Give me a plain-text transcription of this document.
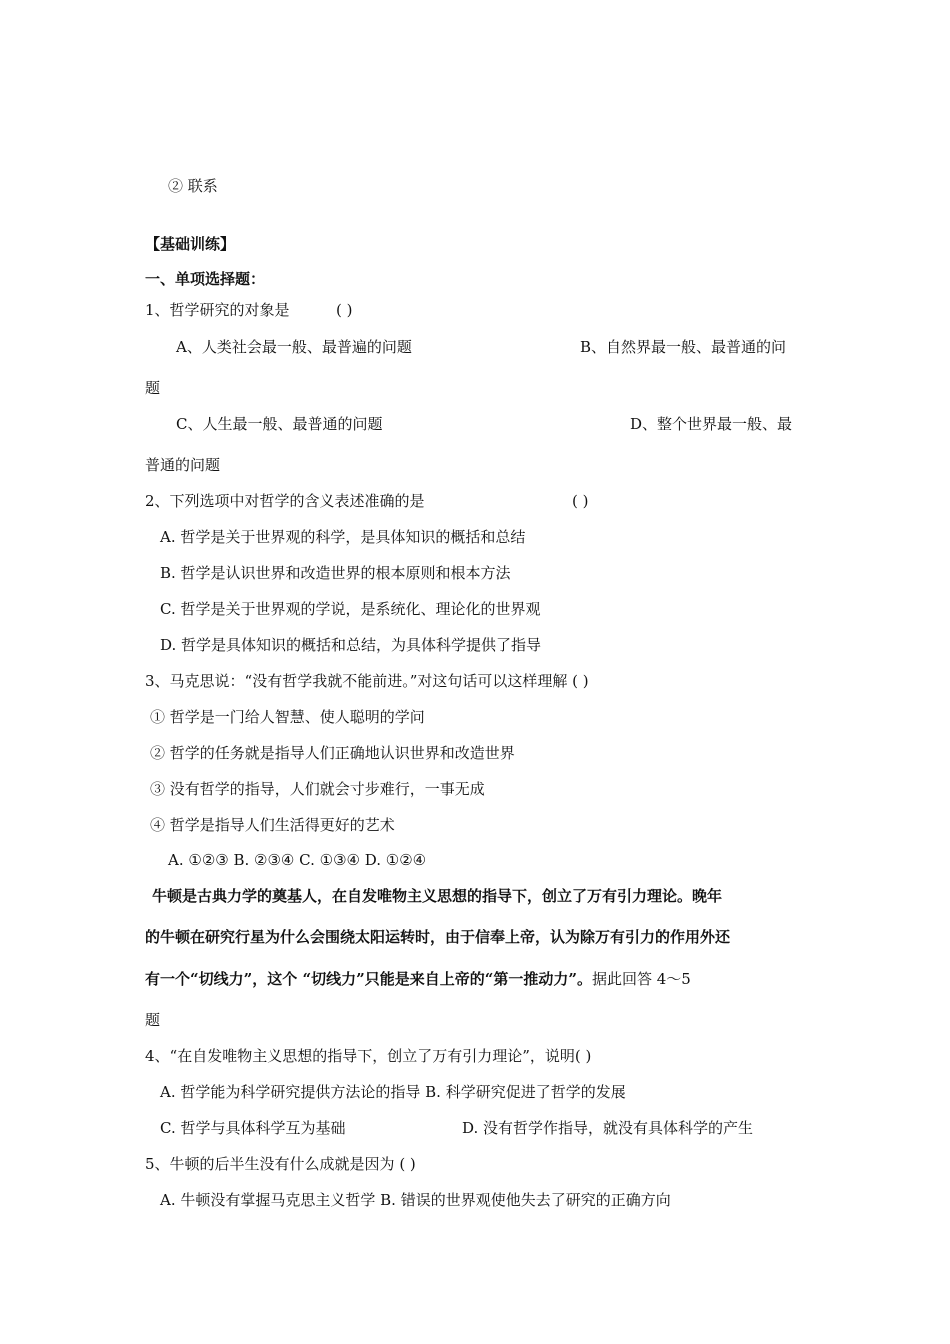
② 联系
【基础训练】
一、单项选择题：
1、哲学研究的对象是	( )
A、人类社会最一般、最普遍的问题	B、自然界最一般、最普通的问
题
C、人生最一般、最普通的问题	D、整个世界最一般、最
普通的问题
2、下列选项中对哲学的含义表述准确的是	( )
A. 哲学是关于世界观的科学，是具体知识的概括和总结
B. 哲学是认识世界和改造世界的根本原则和根本方法
C. 哲学是关于世界观的学说，是系统化、理论化的世界观
D. 哲学是具体知识的概括和总结，为具体科学提供了指导
3、马克思说：“没有哲学我就不能前进。”对这句话可以这样理解 ( )
① 哲学是一门给人智慧、使人聪明的学问
② 哲学的任务就是指导人们正确地认识世界和改造世界
③ 没有哲学的指导，人们就会寸步难行，一事无成
④ 哲学是指导人们生活得更好的艺术
A. ①②③ B. ②③④ C. ①③④ D. ①②④
牛顿是古典力学的奠基人，在自发唯物主义思想的指导下，创立了万有引力理论。晚年
的牛顿在研究行星为什么会围绕太阳运转时，由于信奉上帝，认为除万有引力的作用外还
有一个“切线力”，这个 “切线力”只能是来自上帝的“第一推动力”。据此回答 4～5
题
4、“在自发唯物主义思想的指导下，创立了万有引力理论”，说明( )
A. 哲学能为科学研究提供方法论的指导 B. 科学研究促进了哲学的发展
C. 哲学与具体科学互为基础	D. 没有哲学作指导，就没有具体科学的产生
5、牛顿的后半生没有什么成就是因为 ( )
A. 牛顿没有掌握马克思主义哲学 B. 错误的世界观使他失去了研究的正确方向
